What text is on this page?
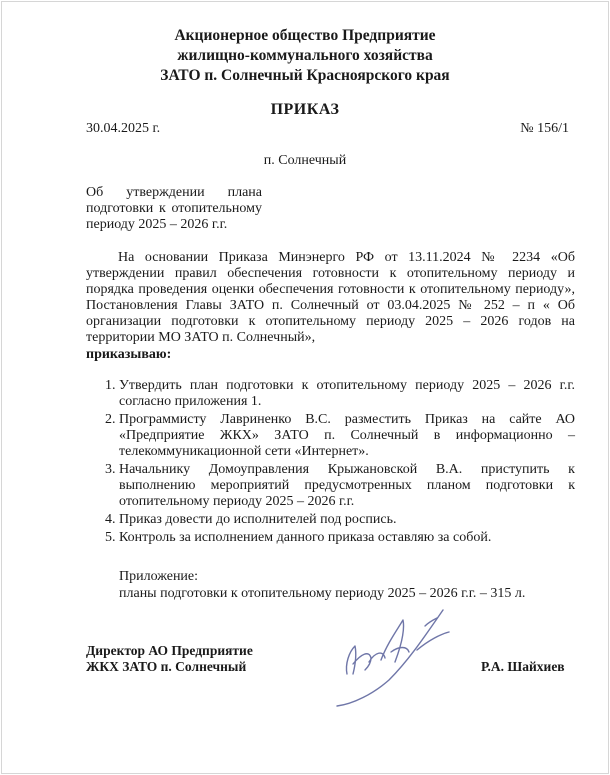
Акционерное общество Предприятие
жилищно-коммунального хозяйства
ЗАТО п. Солнечный Красноярского края
ПРИКАЗ
30.04.2025 г.	№ 156/1
п. Солнечный
Об утверждении плана подготовки к отопительному периоду 2025 – 2026 г.г.

На основании Приказа Минэнерго РФ от 13.11.2024 № 2234 «Об утверждении правил обеспечения готовности к отопительному периоду и порядка проведения оценки обеспечения готовности к отопительному периоду», Постановления Главы ЗАТО п. Солнечный от 03.04.2025 № 252 – п « Об организации подготовки к отопительному периоду 2025 – 2026 годов на территории МО ЗАТО п. Солнечный»,

приказываю:
1. Утвердить план подготовки к отопительному периоду 2025 – 2026 г.г. согласно приложения 1.
2. Программисту Лавриненко В.С. разместить Приказ на сайте АО «Предприятие ЖКХ» ЗАТО п. Солнечный в информационно – телекоммуникационной сети «Интернет».
3. Начальнику Домоуправления Крыжановской В.А. приступить к выполнению мероприятий предусмотренных планом подготовки к отопительному периоду 2025 – 2026 г.г.
4. Приказ довести до исполнителей под роспись.
5. Контроль за исполнением данного приказа оставляю за собой.
Приложение:
планы подготовки к отопительному периоду 2025 – 2026 г.г. – 315 л.
Директор АО Предприятие
ЖКХ ЗАТО п. Солнечный	Р.А. Шайхиев
